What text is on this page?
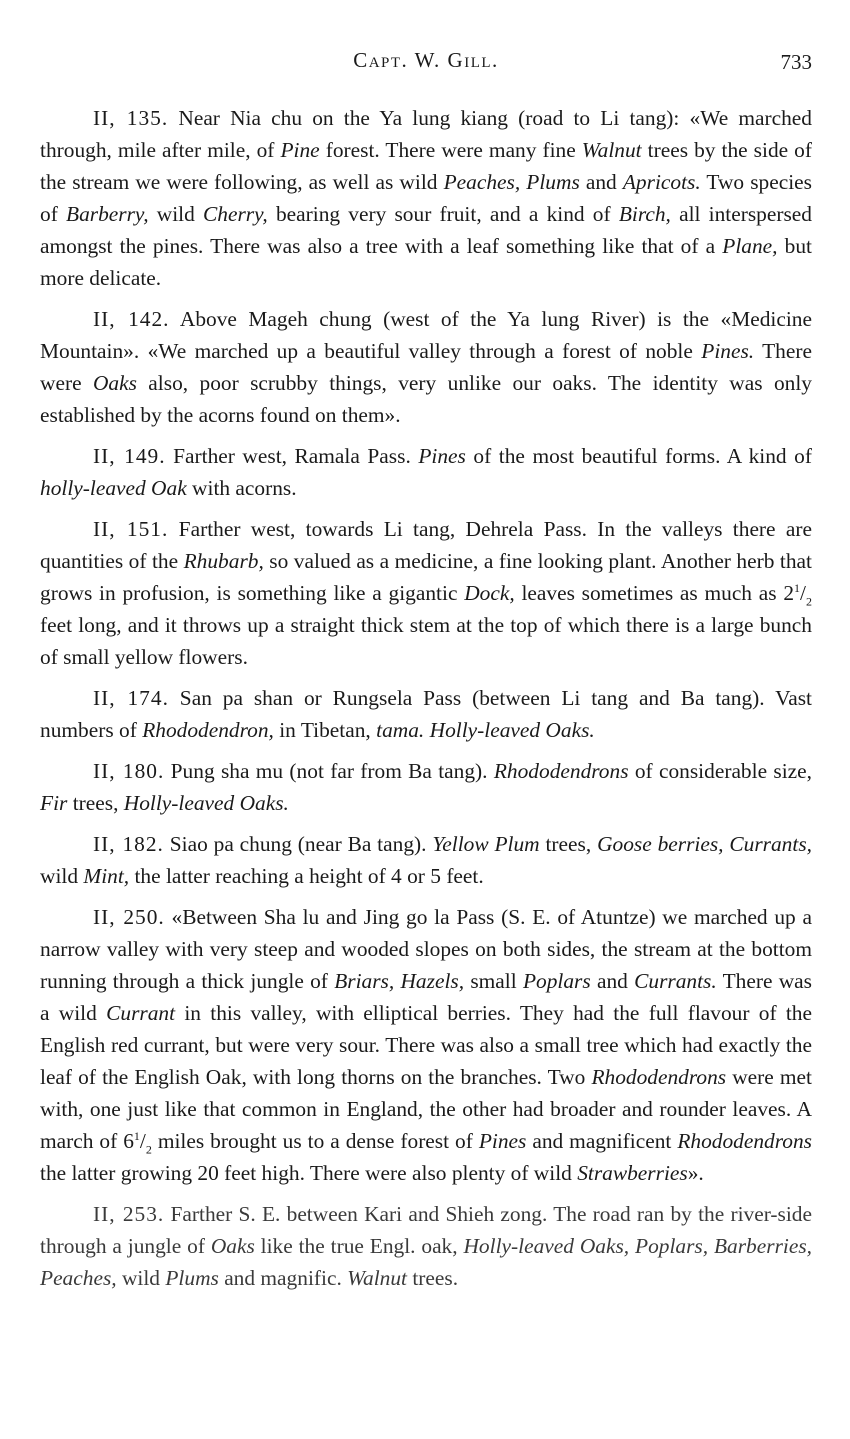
Capt. W. Gill.	733

II, 135. Near Nia chu on the Ya lung kiang (road to Li tang): «We marched through, mile after mile, of Pine forest. There were many fine Walnut trees by the side of the stream we were following, as well as wild Peaches, Plums and Apricots. Two species of Barberry, wild Cherry, bearing very sour fruit, and a kind of Birch, all interspersed amongst the pines. There was also a tree with a leaf something like that of a Plane, but more delicate.

II, 142. Above Mageh chung (west of the Ya lung River) is the «Medicine Mountain». «We marched up a beautiful valley through a forest of noble Pines. There were Oaks also, poor scrubby things, very unlike our oaks. The identity was only established by the acorns found on them».

II, 149. Farther west, Ramala Pass. Pines of the most beautiful forms. A kind of holly-leaved Oak with acorns.

II, 151. Farther west, towards Li tang, Dehrela Pass. In the valleys there are quantities of the Rhubarb, so valued as a medicine, a fine looking plant. Another herb that grows in profusion, is something like a gigantic Dock, leaves sometimes as much as $2^1/_2$ feet long, and it throws up a straight thick stem at the top of which there is a large bunch of small yellow flowers.

II, 174. San pa shan or Rungsela Pass (between Li tang and Ba tang). Vast numbers of Rhododendron, in Tibetan, tama. Holly-leaved Oaks.

II, 180. Pung sha mu (not far from Ba tang). Rhododendrons of considerable size, Fir trees, Holly-leaved Oaks.

II, 182. Siao pa chung (near Ba tang). Yellow Plum trees, Goose berries, Currants, wild Mint, the latter reaching a height of 4 or 5 feet.

II, 250. «Between Sha lu and Jing go la Pass (S. E. of Atuntze) we marched up a narrow valley with very steep and wooded slopes on both sides, the stream at the bottom running through a thick jungle of Briars, Hazels, small Poplars and Currants. There was a wild Currant in this valley, with elliptical berries. They had the full flavour of the English red currant, but were very sour. There was also a small tree which had exactly the leaf of the English Oak, with long thorns on the branches. Two Rhododendrons were met with, one just like that common in England, the other had broader and rounder leaves. A march of $6^1/_2$ miles brought us to a dense forest of Pines and magnificent Rhododendrons the latter growing 20 feet high. There were also plenty of wild Strawberries».

II, 253. Farther S. E. between Kari and Shieh zong. The road ran by the river-side through a jungle of Oaks like the true Engl. oak, Holly-leaved Oaks, Poplars, Barberries, Peaches, wild Plums and magnific. Walnut trees.
